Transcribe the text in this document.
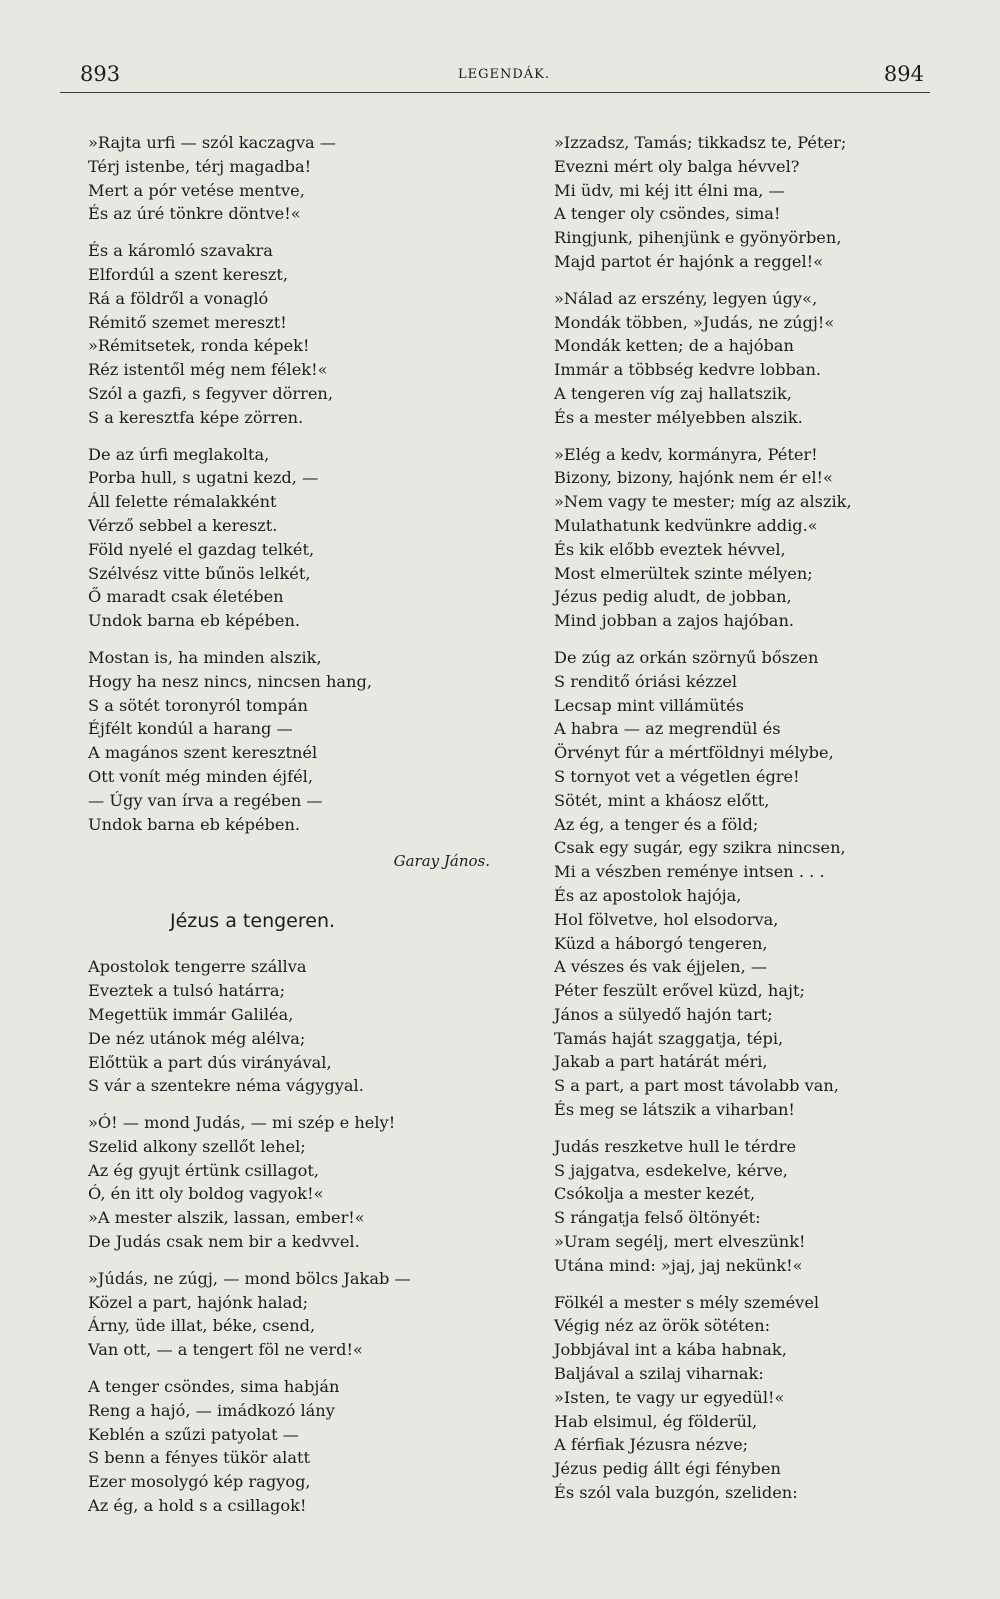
893	LEGENDÁK.	894
»Rajta urfi — szól kaczagva —
Térj istenbe, térj magadba!
Mert a pór vetése mentve,
És az úré tönkre döntve!«
És a káromló szavakra
Elfordúl a szent kereszt,
Rá a földről a vonagló
Rémitő szemet mereszt!
»Rémitsetek, ronda képek!
Réz istentől még nem félek!«
Szól a gazfi, s fegyver dörren,
S a keresztfa képe zörren.
De az úrfi meglakolta,
Porba hull, s ugatni kezd, —
Áll felette rémalakként
Vérző sebbel a kereszt.
Föld nyelé el gazdag telkét,
Szélvész vitte bűnös lelkét,
Ő maradt csak életében
Undok barna eb képében.
Mostan is, ha minden alszik,
Hogy ha nesz nincs, nincsen hang,
S a sötét toronyról tompán
Éjfélt kondúl a harang —
A magános szent keresztnél
Ott vonít még minden éjfél,
— Úgy van írva a regében —
Undok barna eb képében.
Garay János.
Jézus a tengeren.
Apostolok tengerre szállva
Eveztek a tulsó határra;
Megettük immár Galiléa,
De néz utánok még alélva;
Előttük a part dús virányával,
S vár a szentekre néma vágygyal.
»Ó! — mond Judás, — mi szép e hely!
Szelid alkony szellőt lehel;
Az ég gyujt értünk csillagot,
Ó, én itt oly boldog vagyok!«
»A mester alszik, lassan, ember!«
De Judás csak nem bir a kedvvel.
»Júdás, ne zúgj, — mond bölcs Jakab —
Közel a part, hajónk halad;
Árny, üde illat, béke, csend,
Van ott, — a tengert föl ne verd!«
A tenger csöndes, sima habján
Reng a hajó, — imádkozó lány
Keblén a szűzi patyolat —
S benn a fényes tükör alatt
Ezer mosolygó kép ragyog,
Az ég, a hold s a csillagok!
»Izzadsz, Tamás; tikkadsz te, Péter;
Evezni mért oly balga hévvel?
Mi üdv, mi kéj itt élni ma, —
A tenger oly csöndes, sima!
Ringjunk, pihenjünk e gyönyörben,
Majd partot ér hajónk a reggel!«
»Nálad az erszény, legyen úgy«,
Mondák többen, »Judás, ne zúgj!«
Mondák ketten; de a hajóban
Immár a többség kedvre lobban.
A tengeren víg zaj hallatszik,
És a mester mélyebben alszik.
»Elég a kedv, kormányra, Péter!
Bizony, bizony, hajónk nem ér el!«
»Nem vagy te mester; míg az alszik,
Mulathatunk kedvünkre addig.«
És kik előbb eveztek hévvel,
Most elmerültek szinte mélyen;
Jézus pedig aludt, de jobban,
Mind jobban a zajos hajóban.
De zúg az orkán szörnyű bőszen
S renditő óriási kézzel
Lecsap mint villámütés
A habra — az megrendül és
Örvényt fúr a mértföldnyi mélybe,
S tornyot vet a végetlen égre!
Sötét, mint a kháosz előtt,
Az ég, a tenger és a föld;
Csak egy sugár, egy szikra nincsen,
Mi a vészben reménye intsen . . .
És az apostolok hajója,
Hol fölvetve, hol elsodorva,
Küzd a háborgó tengeren,
A vészes és vak éjjelen, —
Péter feszült erővel küzd, hajt;
János a sülyedő hajón tart;
Tamás haját szaggatja, tépi,
Jakab a part határát méri,
S a part, a part most távolabb van,
És meg se látszik a viharban!
Judás reszketve hull le térdre
S jajgatva, esdekelve, kérve,
Csókolja a mester kezét,
S rángatja felső öltönyét:
»Uram segélj, mert elveszünk!
Utána mind: »jaj, jaj nekünk!«
Fölkél a mester s mély szemével
Végig néz az örök sötéten:
Jobbjával int a kába habnak,
Baljával a szilaj viharnak:
»Isten, te vagy ur egyedül!«
Hab elsimul, ég földerül,
A férfiak Jézusra nézve;
Jézus pedig állt égi fényben
És szól vala buzgón, szeliden:
